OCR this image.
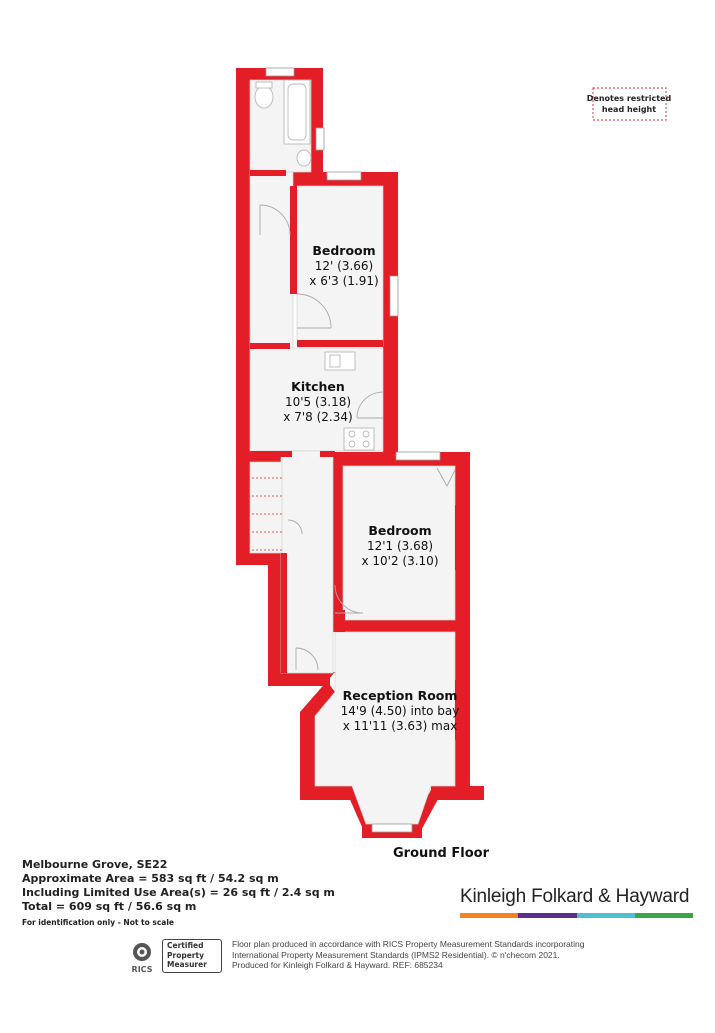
Denotes restricted
head height
Bedroom
12' (3.66)
x 6'3 (1.91)
Kitchen
10'5 (3.18)
x 7'8 (2.34)
Bedroom
12'1 (3.68)
x 10'2 (3.10)
Reception Room
14'9 (4.50) into bay
x 11'11 (3.63) max
Ground Floor
Melbourne Grove, SE22
Approximate Area = 583 sq ft / 54.2 sq m
Including Limited Use Area(s) = 26 sq ft / 2.4 sq m
Total = 609 sq ft / 56.6 sq m
For identification only - Not to scale
Kinleigh Folkard & Hayward
RICS
Certified
Property
Measurer
Floor plan produced in accordance with RICS Property Measurement Standards incorporating
International Property Measurement Standards (IPMS2 Residential). © n'checom 2021.
Produced for Kinleigh Folkard & Hayward. REF: 685234
